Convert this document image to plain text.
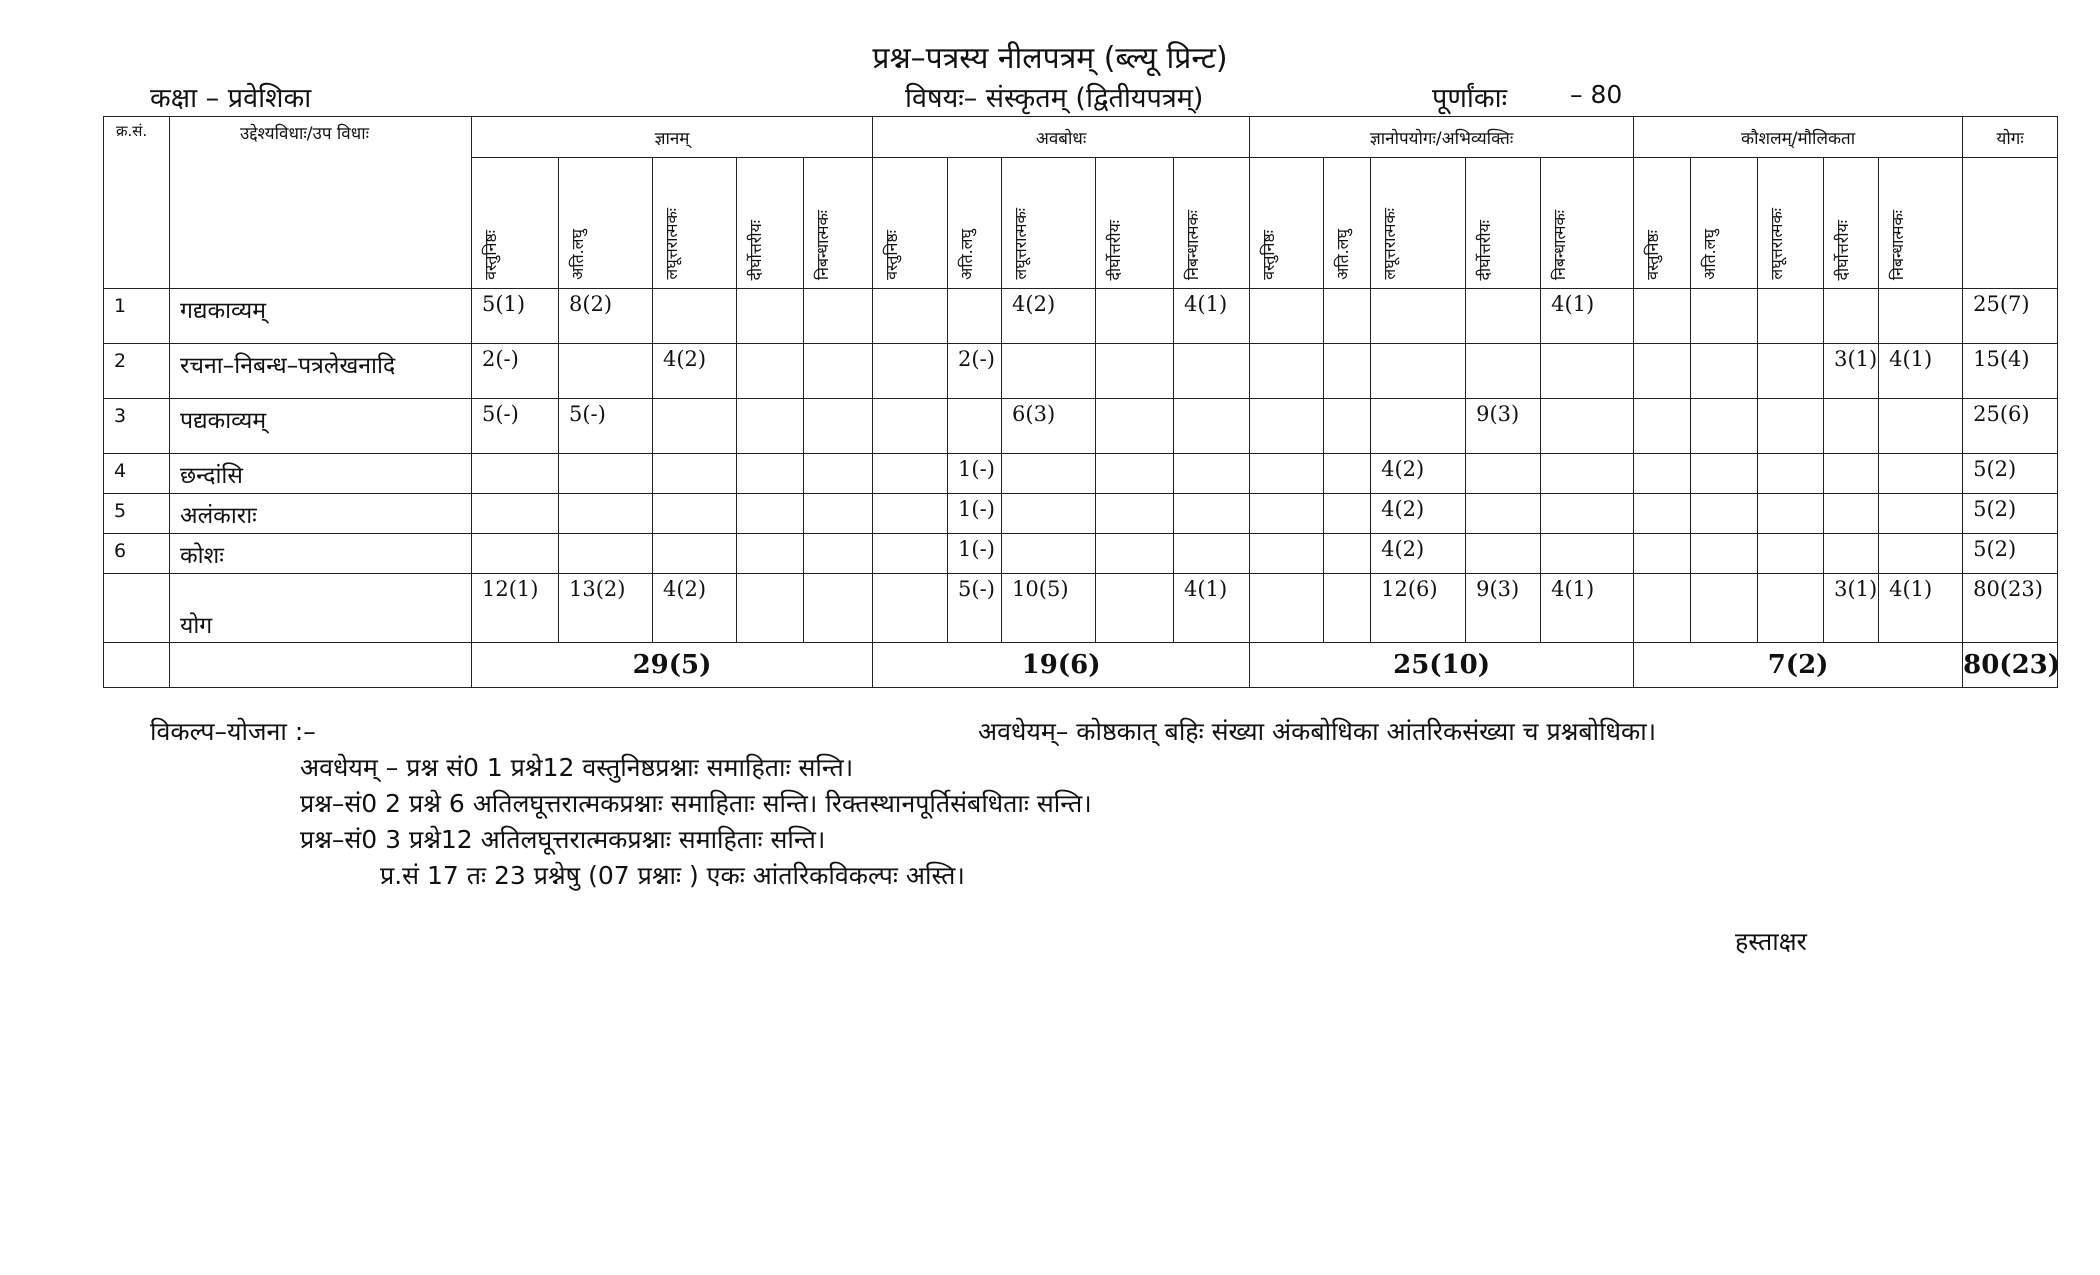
प्रश्न–पत्रस्य नीलपत्रम् (ब्ल्यू प्रिन्ट)
कक्षा – प्रवेशिका	विषयः– संस्कृतम् (द्वितीयपत्रम्)	पूर्णांकाः	– 80
क्र.सं.	उद्देश्यविधाः/उप विधाः	ज्ञानम्					अवबोधः					ज्ञानोपयोगः/अभिव्यक्तिः					कौशलम्/मौलिकता					योगः

		वस्तुनिष्ठः	अति.लघु	लघूत्तरात्मकः	दीर्घोत्तरीयः	निबन्धात्मकः	वस्तुनिष्ठः	अति.लघु	लघूत्तरात्मकः	दीर्घोत्तरीयः	निबन्धात्मकः	वस्तुनिष्ठः	अति.लघु	लघूत्तरात्मकः	दीर्घोत्तरीयः	निबन्धात्मकः	वस्तुनिष्ठः	अति.लघु	लघूत्तरात्मकः	दीर्घोत्तरीयः	निबन्धात्मकः	

1	गद्यकाव्यम्	5(1)	8(2)						4(2)		4(1)					4(1)						25(7)

2	रचना–निबन्ध–पत्रलेखनादि	2(-)		4(2)				2(-)												3(1)	4(1)	15(4)

3	पद्यकाव्यम्	5(-)	5(-)						6(3)						9(3)							25(6)

4	छन्दांसि							1(-)						4(2)								5(2)

5	अलंकाराः							1(-)						4(2)								5(2)

6	कोशः							1(-)						4(2)								5(2)

	योग	12(1)	13(2)	4(2)				5(-)	10(5)		4(1)			12(6)	9(3)	4(1)				3(1)	4(1)	80(23)

		29(5)					19(6)					25(10)					7(2)					80(23)
विकल्प–योजना :–	अवधेयम्– कोष्ठकात् बहिः संख्या अंकबोधिका आंतरिकसंख्या च प्रश्नबोधिका।
अवधेयम् – प्रश्न सं0 1 प्रश्ने12 वस्तुनिष्ठप्रश्नाः समाहिताः सन्ति।
प्रश्न–सं0 2 प्रश्ने 6 अतिलघूत्तरात्मकप्रश्नाः समाहिताः सन्ति। रिक्तस्थानपूर्तिसंबधिताः सन्ति।
प्रश्न–सं0 3 प्रश्ने12 अतिलघूत्तरात्मकप्रश्नाः समाहिताः सन्ति।
प्र.सं 17 तः 23 प्रश्नेषु (07 प्रश्नाः ) एकः आंतरिकविकल्पः अस्ति।
हस्ताक्षर
